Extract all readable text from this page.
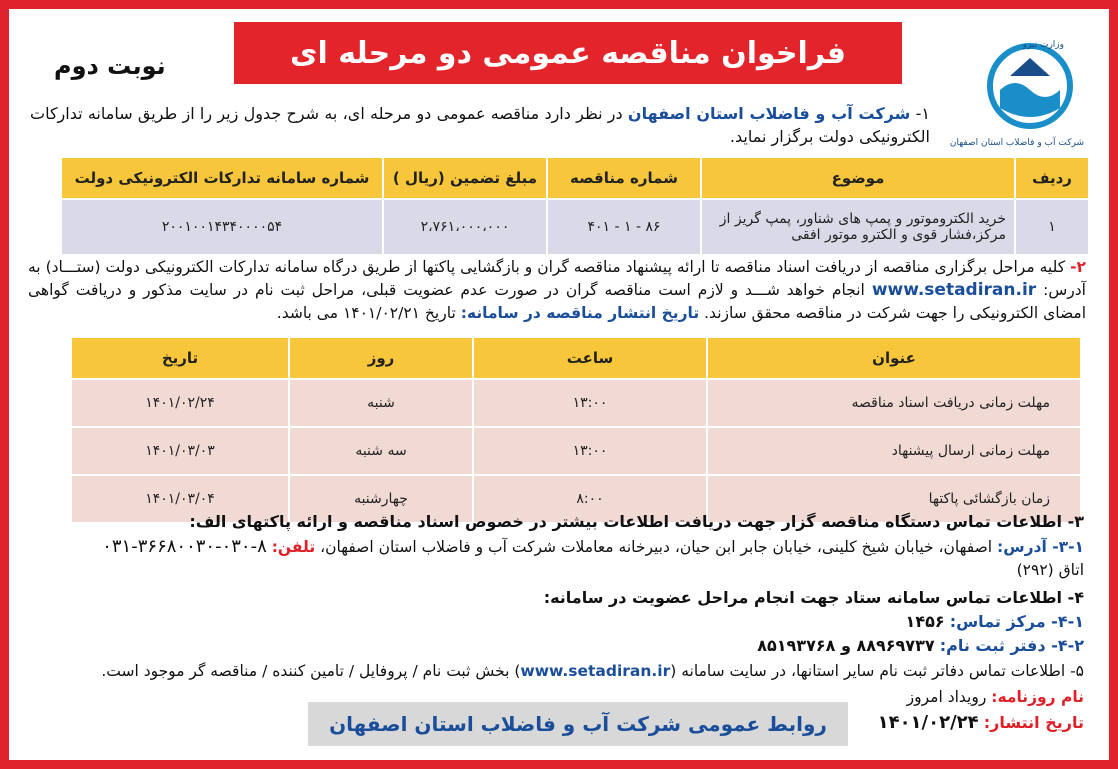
فراخوان مناقصه عمومی دو مرحله ای
نوبت دوم
وزارت نیرو
شرکت آب و فاضلاب استان اصفهان
۱- شرکت آب و فاضلاب استان اصفهان در نظر دارد مناقصه عمومی دو مرحله ای، به شرح جدول زیر را از طریق سامانه تدارکات الکترونیکی دولت برگزار نماید.
ردیف	موضوع	شماره مناقصه	مبلغ تضمین (ریال )	شماره سامانه تدارکات الکترونیکی دولت
۱	خرید الکتروموتور و پمپ های شناور، پمپ گریز از مرکز،فشار قوی و الکترو موتور افقی	۸۶ - ۱ - ۴۰۱	۲،۷۶۱،۰۰۰،۰۰۰	۲۰۰۱۰۰۱۴۳۴۰۰۰۰۵۴
۲- کلیه مراحل برگزاری مناقصه از دریافت اسناد مناقصه تا ارائه پیشنهاد مناقصه گران و بازگشایی پاکتها از طریق درگاه سامانه تدارکات الکترونیکی دولت (ستـــاد) به آدرس: www.setadiran.ir انجام خواهد شـــد و لازم است مناقصه گران در صورت عدم عضویت قبلی، مراحل ثبت نام در سایت مذکور و دریافت گواهی امضای الکترونیکی را جهت شرکت در مناقصه محقق سازند. تاریخ انتشار مناقصه در سامانه: تاریخ ۱۴۰۱/۰۲/۲۱ می باشد.
عنوان	ساعت	روز	تاریخ
مهلت زمانی دریافت اسناد مناقصه	۱۳:۰۰	شنبه	۱۴۰۱/۰۲/۲۴
مهلت زمانی ارسال پیشنهاد	۱۳:۰۰	سه شنبه	۱۴۰۱/۰۳/۰۳
زمان بازگشائی پاکتها	۸:۰۰	چهارشنبه	۱۴۰۱/۰۳/۰۴
۳- اطلاعات تماس دستگاه مناقصه گزار جهت دریافت اطلاعات بیشتر در خصوص اسناد مناقصه و ارائه پاکتهای الف:
۳-۱- آدرس: اصفهان، خیابان شیخ کلینی، خیابان جابر ابن حیان، دبیرخانه معاملات شرکت آب و فاضلاب استان اصفهان، تلفن: ۸-۰۳۰-۳۶۶۸۰۰۳۰-۰۳۱
اتاق (۲۹۲)
۴- اطلاعات تماس سامانه ستاد جهت انجام مراحل عضویت در سامانه:
۴-۱- مرکز تماس: ۱۴۵۶
۴-۲- دفتر ثبت نام: ۸۸۹۶۹۷۳۷ و ۸۵۱۹۳۷۶۸
۵- اطلاعات تماس دفاتر ثبت نام سایر استانها، در سایت سامانه (www.setadiran.ir) بخش ثبت نام / پروفایل / تامین کننده / مناقصه گر موجود است.
نام روزنامه: رویداد امروز
تاریخ انتشار: ۱۴۰۱/۰۲/۲۴
روابط عمومی شرکت آب و فاضلاب استان اصفهان
